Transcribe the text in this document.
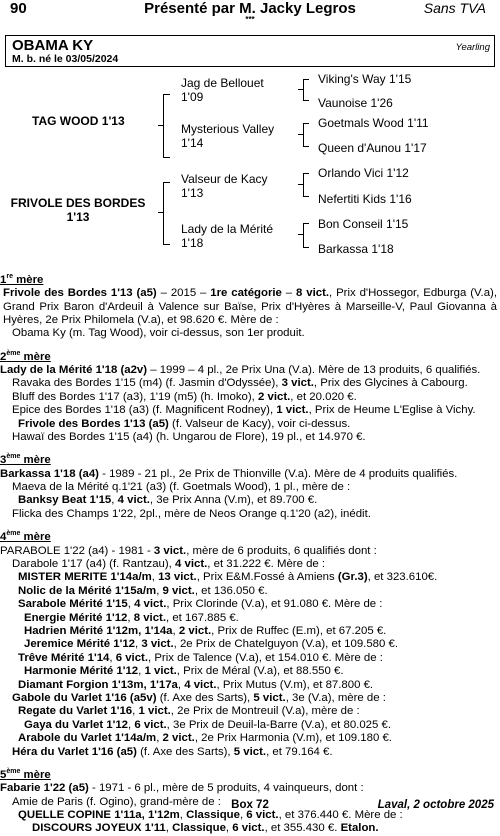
Présenté par M. Jacky Legros
90	Sans TVA
***
OBAMA KY
M. b. né le 03/05/2024
Yearling
TAG WOOD 1'13
FRIVOLE DES BORDES 1'13
Jag de Bellouet 1'09
Mysterious Valley 1'14
Valseur de Kacy 1'13
Lady de la Mérité 1'18
Viking's Way 1'15
Vaunoise 1'26
Goetmals Wood 1'11
Queen d'Aunou 1'17
Orlando Vici 1'12
Nefertiti Kids 1'16
Bon Conseil 1'15
Barkassa 1'18
1re mère

Frivole des Bordes 1'13 (a5) – 2015 – 1re catégorie – 8 vict., Prix d'Hossegor, Edburga (V.a), Grand Prix Baron d'Ardeuil à Valence sur Baïse, Prix d'Hyères à Marseille-V, Paul Giovanna à Hyères, 2e Prix Philomela (V.a), et 98.620 €. Mère de :

Obama Ky (m. Tag Wood), voir ci-dessus, son 1er produit.

2ème mère

Lady de la Mérité 1'18 (a2v) – 1999 – 4 pl., 2e Prix Una (V.a). Mère de 13 produits, 6 qualifiés.

Ravaka des Bordes 1'15 (m4) (f. Jasmin d'Odyssée), 3 vict., Prix des Glycines à Cabourg.

Bluff des Bordes 1'17 (a3), 1'19 (m5) (h. Imoko), 2 vict., et 20.020 €.

Epice des Bordes 1'18 (a3) (f. Magnificent Rodney), 1 vict., Prix de Heume L'Eglise à Vichy.

Frivole des Bordes 1'13 (a5) (f. Valseur de Kacy), voir ci-dessus.

Hawaï des Bordes 1'15 (a4) (h. Ungarou de Flore), 19 pl., et 14.970 €.

3ème mère

Barkassa 1'18 (a4) - 1989 - 21 pl., 2e Prix de Thionville (V.a). Mère de 4 produits qualifiés.

Maeva de la Mérité q.1'21 (a3) (f. Goetmals Wood), 1 pl., mère de :

Banksy Beat 1'15, 4 vict., 3e Prix Anna (V.m), et 89.700 €.

Flicka des Champs 1'22, 2pl., mère de Neos Orange q.1'20 (a2), inédit.

4ème mère

PARABOLE 1'22 (a4) - 1981 - 3 vict., mère de 6 produits, 6 qualifiés dont :

Darabole 1'17 (a4) (f. Rantzau), 4 vict., et 31.222 €. Mère de :

MISTER MERITE 1'14a/m, 13 vict., Prix E&M.Fossé à Amiens (Gr.3), et 323.610€.

Nolic de la Mérité 1'15a/m, 9 vict., et 136.050 €.

Sarabole Mérité 1'15, 4 vict., Prix Clorinde (V.a), et 91.080 €. Mère de :

Energie Mérité 1'12, 8 vict., et 167.885 €.

Hadrien Mérité 1'12m, 1'14a, 2 vict., Prix de Ruffec (E.m), et 67.205 €.

Jeremice Mérité 1'12, 3 vict., 2e Prix de Chatelguyon (V.a), et 109.580 €.

Trêve Mérité 1'14, 6 vict., Prix de Talence (V.a), et 154.010 €. Mère de :

Harmonie Mérité 1'12, 1 vict., Prix de Méral (V.a), et 88.550 €.

Diamant Forgion 1'13m, 1'17a, 4 vict., Prix Mutus (V.m), et 87.800 €.

Gabole du Varlet 1'16 (a5v) (f. Axe des Sarts), 5 vict., 3e (V.a), mère de :

Regate du Varlet 1'16, 1 vict., 2e Prix de Montreuil (V.a), mère de :

Gaya du Varlet 1'12, 6 vict., 3e Prix de Deuil-la-Barre (V.a), et 80.025 €.

Arabole du Varlet 1'14a/m, 2 vict., 2e Prix Harmonia (V.m), et 109.180 €.

Héra du Varlet 1'16 (a5) (f. Axe des Sarts), 5 vict., et 79.164 €.

5ème mère

Fabarie 1'22 (a5) - 1971 - 6 pl., mère de 5 produits, 4 vainqueurs, dont :

Amie de Paris (f. Ogino), grand-mère de :

QUELLE COPINE 1'11a, 1'12m, Classique, 6 vict., et 376.440 €. Mère de :

DISCOURS JOYEUX 1'11, Classique, 6 vict., et 355.430 €. Etalon.

Box 72	Laval, 2 octobre 2025
